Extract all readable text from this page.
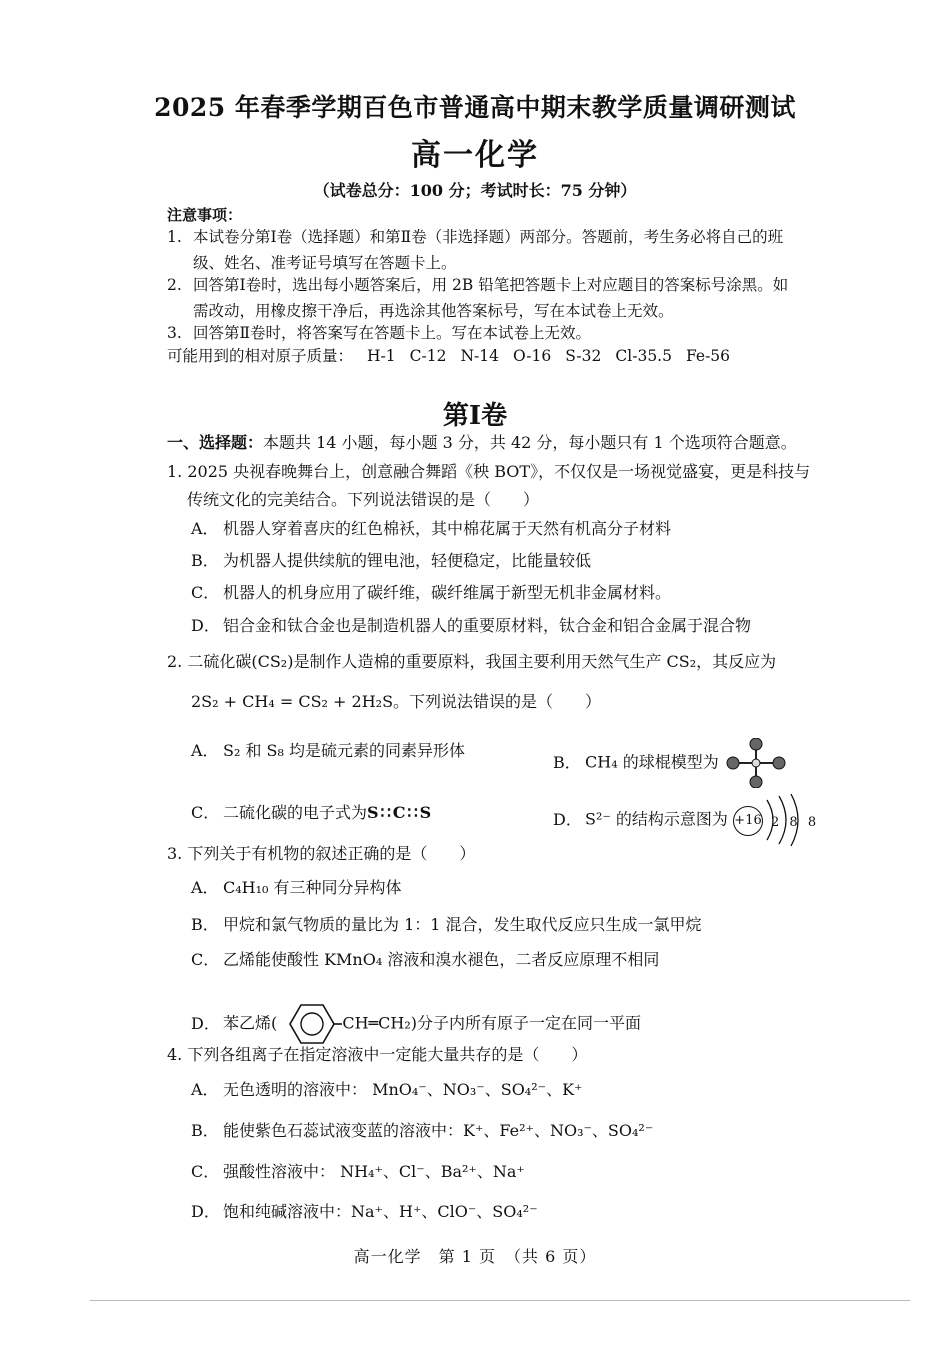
2025 年春季学期百色市普通高中期末教学质量调研测试
高一化学
（试卷总分：100 分；考试时长：75 分钟）
注意事项：
1. 本试卷分第Ⅰ卷（选择题）和第Ⅱ卷（非选择题）两部分。答题前，考生务必将自己的班
级、姓名、准考证号填写在答题卡上。
2. 回答第Ⅰ卷时，选出每小题答案后，用 2B 铅笔把答题卡上对应题目的答案标号涂黑。如
需改动，用橡皮擦干净后，再选涂其他答案标号，写在本试卷上无效。
3. 回答第Ⅱ卷时，将答案写在答题卡上。写在本试卷上无效。
可能用到的相对原子质量： H-1 C-12 N-14 O-16 S-32 Cl-35.5 Fe-56
第Ⅰ卷
一、选择题：本题共 14 小题，每小题 3 分，共 42 分，每小题只有 1 个选项符合题意。
1. 2025 央视春晚舞台上，创意融合舞蹈《秧 BOT》，不仅仅是一场视觉盛宴，更是科技与
传统文化的完美结合。下列说法错误的是（　　）
A． 机器人穿着喜庆的红色棉袄，其中棉花属于天然有机高分子材料
B． 为机器人提供续航的锂电池，轻便稳定，比能量较低
C． 机器人的机身应用了碳纤维，碳纤维属于新型无机非金属材料。
D． 铝合金和钛合金也是制造机器人的重要原材料，钛合金和铝合金属于混合物
2. 二硫化碳(CS₂)是制作人造棉的重要原料，我国主要利用天然气生产 CS₂，其反应为
2S₂ + CH₄ = CS₂ + 2H₂S。下列说法错误的是（　　）
A． S₂ 和 S₈ 均是硫元素的同素异形体
B． CH₄ 的球棍模型为
C． 二硫化碳的电子式为S∷C∷S	D． S²⁻ 的结构示意图为 +16 2 8 8
3. 下列关于有机物的叙述正确的是（　　）
A． C₄H₁₀ 有三种同分异构体
B． 甲烷和氯气物质的量比为 1：1 混合，发生取代反应只生成一氯甲烷
C． 乙烯能使酸性 KMnO₄ 溶液和溴水褪色，二者反应原理不相同
D． 苯乙烯(	CH═CH₂)分子内所有原子一定在同一平面
4. 下列各组离子在指定溶液中一定能大量共存的是（　　）
A． 无色透明的溶液中： MnO₄⁻、NO₃⁻、SO₄²⁻、K⁺
B． 能使紫色石蕊试液变蓝的溶液中：K⁺、Fe²⁺、NO₃⁻、SO₄²⁻
C． 强酸性溶液中： NH₄⁺、Cl⁻、Ba²⁺、Na⁺
D． 饱和纯碱溶液中：Na⁺、H⁺、ClO⁻、SO₄²⁻
高一化学　第 1 页　（共 6 页）
